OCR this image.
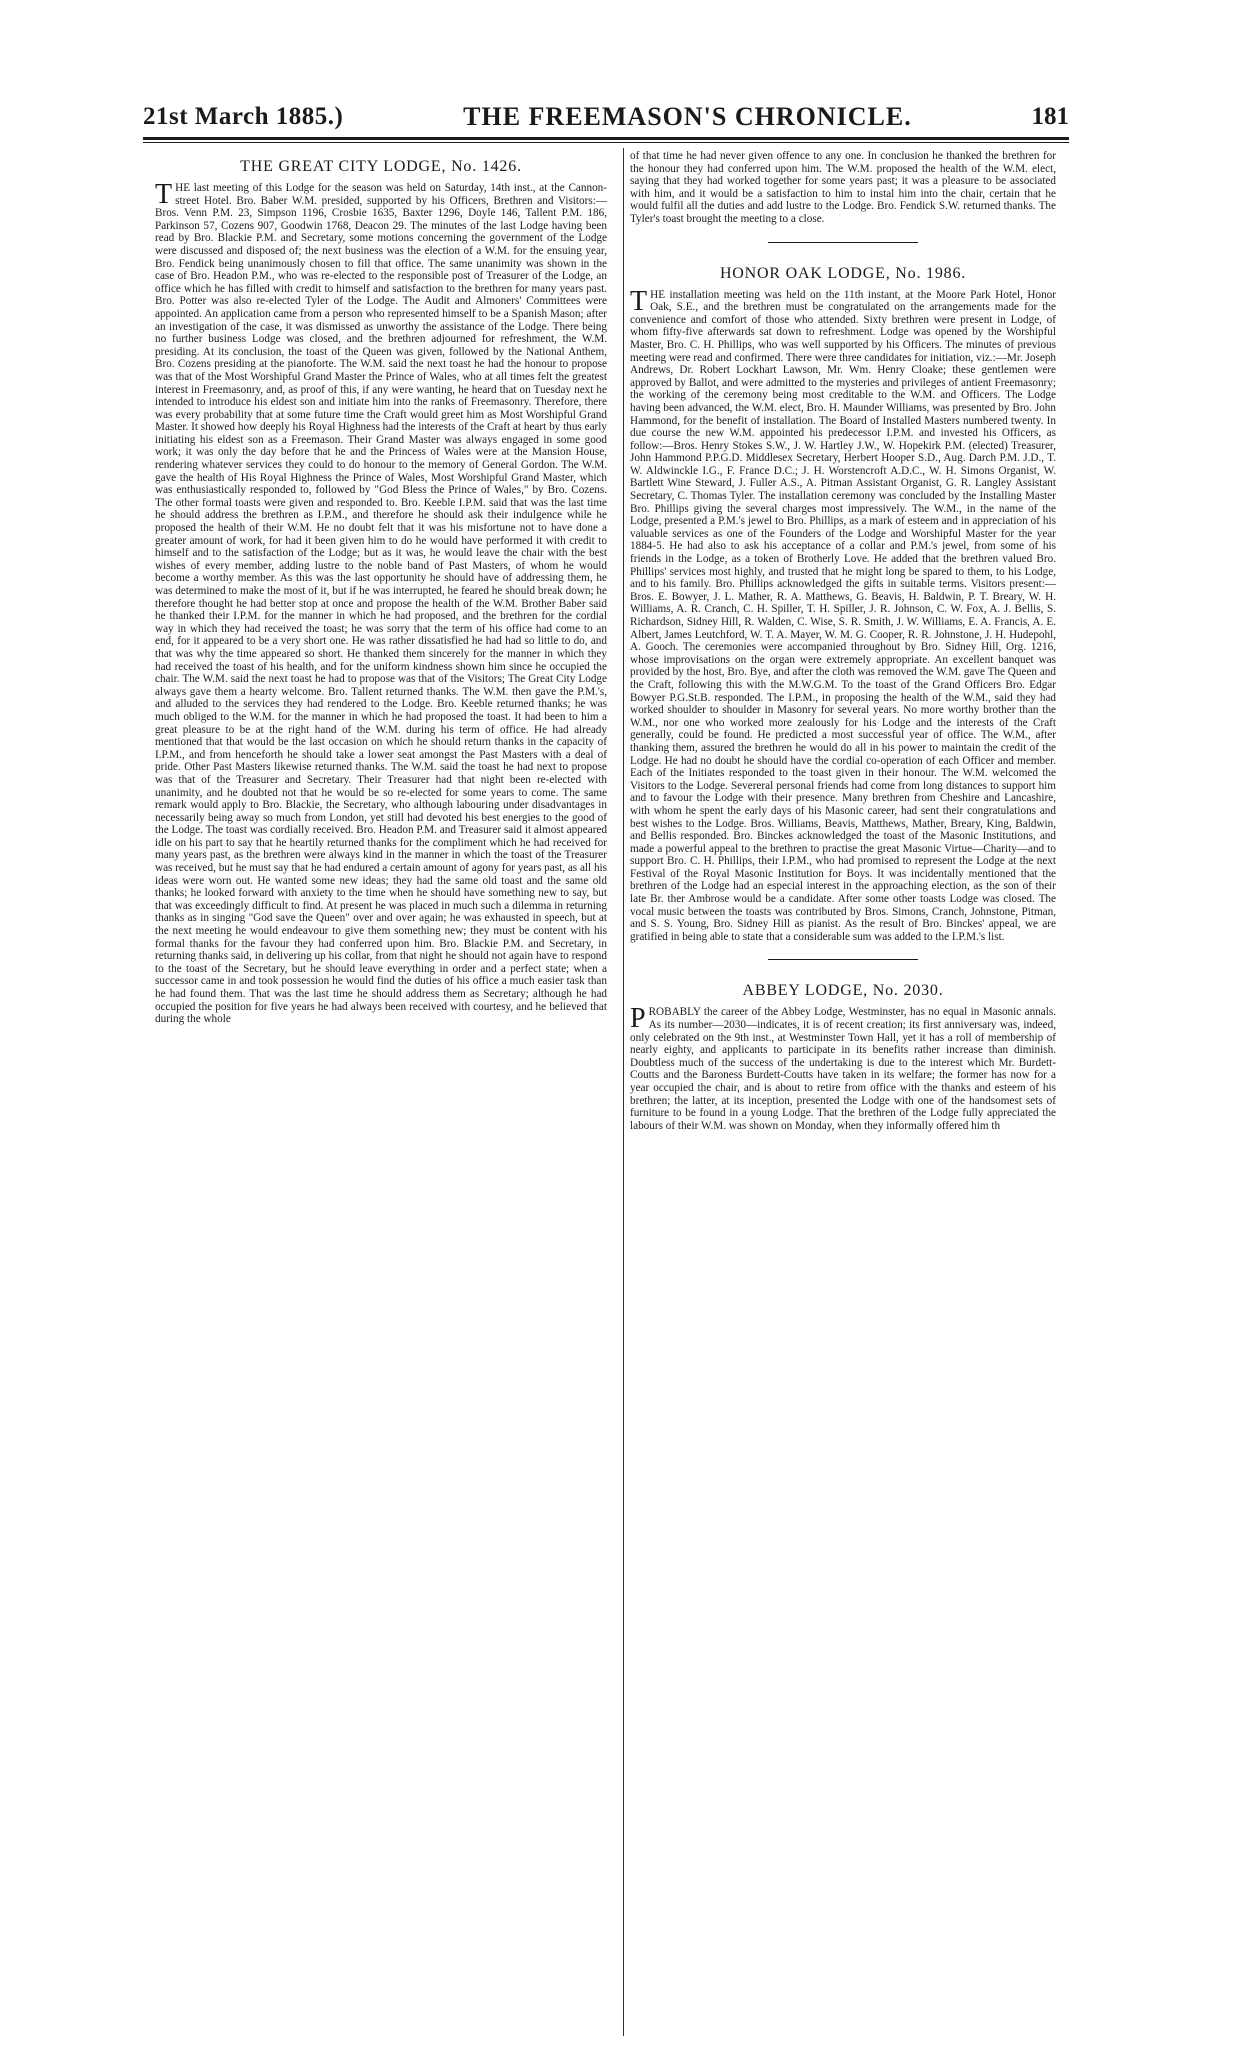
21st March 1885.)	THE FREEMASON'S CHRONICLE.	181
THE GREAT CITY LODGE, No. 1426.

THE last meeting of this Lodge for the season was held on Saturday, 14th inst., at the Cannon-street Hotel. Bro. Baber W.M. presided, supported by his Officers, Brethren and Visitors:—Bros. Venn P.M. 23, Simpson 1196, Crosbie 1635, Baxter 1296, Doyle 146, Tallent P.M. 186, Parkinson 57, Cozens 907, Goodwin 1768, Deacon 29. The minutes of the last Lodge having been read by Bro. Blackie P.M. and Secretary, some motions concerning the government of the Lodge were discussed and disposed of; the next business was the election of a W.M. for the ensuing year, Bro. Fendick being unanimously chosen to fill that office. The same unanimity was shown in the case of Bro. Headon P.M., who was re-elected to the responsible post of Treasurer of the Lodge, an office which he has filled with credit to himself and satisfaction to the brethren for many years past. Bro. Potter was also re-elected Tyler of the Lodge. The Audit and Almoners' Committees were appointed. An application came from a person who represented himself to be a Spanish Mason; after an investigation of the case, it was dismissed as unworthy the assistance of the Lodge. There being no further business Lodge was closed, and the brethren adjourned for refreshment, the W.M. presiding. At its conclusion, the toast of the Queen was given, followed by the National Anthem, Bro. Cozens presiding at the pianoforte. The W.M. said the next toast he had the honour to propose was that of the Most Worshipful Grand Master the Prince of Wales, who at all times felt the greatest interest in Freemasonry, and, as proof of this, if any were wanting, he heard that on Tuesday next he intended to introduce his eldest son and initiate him into the ranks of Freemasonry. Therefore, there was every probability that at some future time the Craft would greet him as Most Worshipful Grand Master. It showed how deeply his Royal Highness had the interests of the Craft at heart by thus early initiating his eldest son as a Freemason. Their Grand Master was always engaged in some good work; it was only the day before that he and the Princess of Wales were at the Mansion House, rendering whatever services they could to do honour to the memory of General Gordon. The W.M. gave the health of His Royal Highness the Prince of Wales, Most Worshipful Grand Master, which was enthusiastically responded to, followed by "God Bless the Prince of Wales," by Bro. Cozens. The other formal toasts were given and responded to. Bro. Keeble I.P.M. said that was the last time he should address the brethren as I.P.M., and therefore he should ask their indulgence while he proposed the health of their W.M. He no doubt felt that it was his misfortune not to have done a greater amount of work, for had it been given him to do he would have performed it with credit to himself and to the satisfaction of the Lodge; but as it was, he would leave the chair with the best wishes of every member, adding lustre to the noble band of Past Masters, of whom he would become a worthy member. As this was the last opportunity he should have of addressing them, he was determined to make the most of it, but if he was interrupted, he feared he should break down; he therefore thought he had better stop at once and propose the health of the W.M. Brother Baber said he thanked their I.P.M. for the manner in which he had proposed, and the brethren for the cordial way in which they had received the toast; he was sorry that the term of his office had come to an end, for it appeared to be a very short one. He was rather dissatisfied he had had so little to do, and that was why the time appeared so short. He thanked them sincerely for the manner in which they had received the toast of his health, and for the uniform kindness shown him since he occupied the chair. The W.M. said the next toast he had to propose was that of the Visitors; The Great City Lodge always gave them a hearty welcome. Bro. Tallent returned thanks. The W.M. then gave the P.M.'s, and alluded to the services they had rendered to the Lodge. Bro. Keeble returned thanks; he was much obliged to the W.M. for the manner in which he had proposed the toast. It had been to him a great pleasure to be at the right hand of the W.M. during his term of office. He had already mentioned that that would be the last occasion on which he should return thanks in the capacity of I.P.M., and from henceforth he should take a lower seat amongst the Past Masters with a deal of pride. Other Past Masters likewise returned thanks. The W.M. said the toast he had next to propose was that of the Treasurer and Secretary. Their Treasurer had that night been re-elected with unanimity, and he doubted not that he would be so re-elected for some years to come. The same remark would apply to Bro. Blackie, the Secretary, who although labouring under disadvantages in necessarily being away so much from London, yet still had devoted his best energies to the good of the Lodge. The toast was cordially received. Bro. Headon P.M. and Treasurer said it almost appeared idle on his part to say that he heartily returned thanks for the compliment which he had received for many years past, as the brethren were always kind in the manner in which the toast of the Treasurer was received, but he must say that he had endured a certain amount of agony for years past, as all his ideas were worn out. He wanted some new ideas; they had the same old toast and the same old thanks; he looked forward with anxiety to the time when he should have something new to say, but that was exceedingly difficult to find. At present he was placed in much such a dilemma in returning thanks as in singing "God save the Queen" over and over again; he was exhausted in speech, but at the next meeting he would endeavour to give them something new; they must be content with his formal thanks for the favour they had conferred upon him. Bro. Blackie P.M. and Secretary, in returning thanks said, in delivering up his collar, from that night he should not again have to respond to the toast of the Secretary, but he should leave everything in order and a perfect state; when a successor came in and took possession he would find the duties of his office a much easier task than he had found them. That was the last time he should address them as Secretary; although he had occupied the position for five years he had always been received with courtesy, and he believed that during the whole

of that time he had never given offence to any one. In conclusion he thanked the brethren for the honour they had conferred upon him. The W.M. proposed the health of the W.M. elect, saying that they had worked together for some years past; it was a pleasure to be associated with him, and it would be a satisfaction to him to instal him into the chair, certain that he would fulfil all the duties and add lustre to the Lodge. Bro. Fendick S.W. returned thanks. The Tyler's toast brought the meeting to a close.

HONOR OAK LODGE, No. 1986.

THE installation meeting was held on the 11th instant, at the Moore Park Hotel, Honor Oak, S.E., and the brethren must be congratulated on the arrangements made for the convenience and comfort of those who attended. Sixty brethren were present in Lodge, of whom fifty-five afterwards sat down to refreshment. Lodge was opened by the Worshipful Master, Bro. C. H. Phillips, who was well supported by his Officers. The minutes of previous meeting were read and confirmed. There were three candidates for initiation, viz.:—Mr. Joseph Andrews, Dr. Robert Lockhart Lawson, Mr. Wm. Henry Cloake; these gentlemen were approved by Ballot, and were admitted to the mysteries and privileges of antient Freemasonry; the working of the ceremony being most creditable to the W.M. and Officers. The Lodge having been advanced, the W.M. elect, Bro. H. Maunder Williams, was presented by Bro. John Hammond, for the benefit of installation. The Board of Installed Masters numbered twenty. In due course the new W.M. appointed his predecessor I.P.M. and invested his Officers, as follow:—Bros. Henry Stokes S.W., J. W. Hartley J.W., W. Hopekirk P.M. (elected) Treasurer, John Hammond P.P.G.D. Middlesex Secretary, Herbert Hooper S.D., Aug. Darch P.M. J.D., T. W. Aldwinckle I.G., F. France D.C.; J. H. Worstencroft A.D.C., W. H. Simons Organist, W. Bartlett Wine Steward, J. Fuller A.S., A. Pitman Assistant Organist, G. R. Langley Assistant Secretary, C. Thomas Tyler. The installation ceremony was concluded by the Installing Master Bro. Phillips giving the several charges most impressively. The W.M., in the name of the Lodge, presented a P.M.'s jewel to Bro. Phillips, as a mark of esteem and in appreciation of his valuable services as one of the Founders of the Lodge and Worshipful Master for the year 1884-5. He had also to ask his acceptance of a collar and P.M.'s jewel, from some of his friends in the Lodge, as a token of Brotherly Love. He added that the brethren valued Bro. Phillips' services most highly, and trusted that he might long be spared to them, to his Lodge, and to his family. Bro. Phillips acknowledged the gifts in suitable terms. Visitors present:—Bros. E. Bowyer, J. L. Mather, R. A. Matthews, G. Beavis, H. Baldwin, P. T. Breary, W. H. Williams, A. R. Cranch, C. H. Spiller, T. H. Spiller, J. R. Johnson, C. W. Fox, A. J. Bellis, S. Richardson, Sidney Hill, R. Walden, C. Wise, S. R. Smith, J. W. Williams, E. A. Francis, A. E. Albert, James Leutchford, W. T. A. Mayer, W. M. G. Cooper, R. R. Johnstone, J. H. Hudepohl, A. Gooch. The ceremonies were accompanied throughout by Bro. Sidney Hill, Org. 1216, whose improvisations on the organ were extremely appropriate. An excellent banquet was provided by the host, Bro. Bye, and after the cloth was removed the W.M. gave The Queen and the Craft, following this with the M.W.G.M. To the toast of the Grand Officers Bro. Edgar Bowyer P.G.St.B. responded. The I.P.M., in proposing the health of the W.M., said they had worked shoulder to shoulder in Masonry for several years. No more worthy brother than the W.M., nor one who worked more zealously for his Lodge and the interests of the Craft generally, could be found. He predicted a most successful year of office. The W.M., after thanking them, assured the brethren he would do all in his power to maintain the credit of the Lodge. He had no doubt he should have the cordial co-operation of each Officer and member. Each of the Initiates responded to the toast given in their honour. The W.M. welcomed the Visitors to the Lodge. Severeral personal friends had come from long distances to support him and to favour the Lodge with their presence. Many brethren from Cheshire and Lancashire, with whom he spent the early days of his Masonic career, had sent their congratulations and best wishes to the Lodge. Bros. Williams, Beavis, Matthews, Mather, Breary, King, Baldwin, and Bellis responded. Bro. Binckes acknowledged the toast of the Masonic Institutions, and made a powerful appeal to the brethren to practise the great Masonic Virtue—Charity—and to support Bro. C. H. Phillips, their I.P.M., who had promised to represent the Lodge at the next Festival of the Royal Masonic Institution for Boys. It was incidentally mentioned that the brethren of the Lodge had an especial interest in the approaching election, as the son of their late Br. ther Ambrose would be a candidate. After some other toasts Lodge was closed. The vocal music between the toasts was contributed by Bros. Simons, Cranch, Johnstone, Pitman, and S. S. Young, Bro. Sidney Hill as pianist. As the result of Bro. Binckes' appeal, we are gratified in being able to state that a considerable sum was added to the I.P.M.'s list.

ABBEY LODGE, No. 2030.

PROBABLY the career of the Abbey Lodge, Westminster, has no equal in Masonic annals. As its number—2030—indicates, it is of recent creation; its first anniversary was, indeed, only celebrated on the 9th inst., at Westminster Town Hall, yet it has a roll of membership of nearly eighty, and applicants to participate in its benefits rather increase than diminish. Doubtless much of the success of the undertaking is due to the interest which Mr. Burdett-Coutts and the Baroness Burdett-Coutts have taken in its welfare; the former has now for a year occupied the chair, and is about to retire from office with the thanks and esteem of his brethren; the latter, at its inception, presented the Lodge with one of the handsomest sets of furniture to be found in a young Lodge. That the brethren of the Lodge fully appreciated the labours of their W.M. was shown on Monday, when they informally offered him th
